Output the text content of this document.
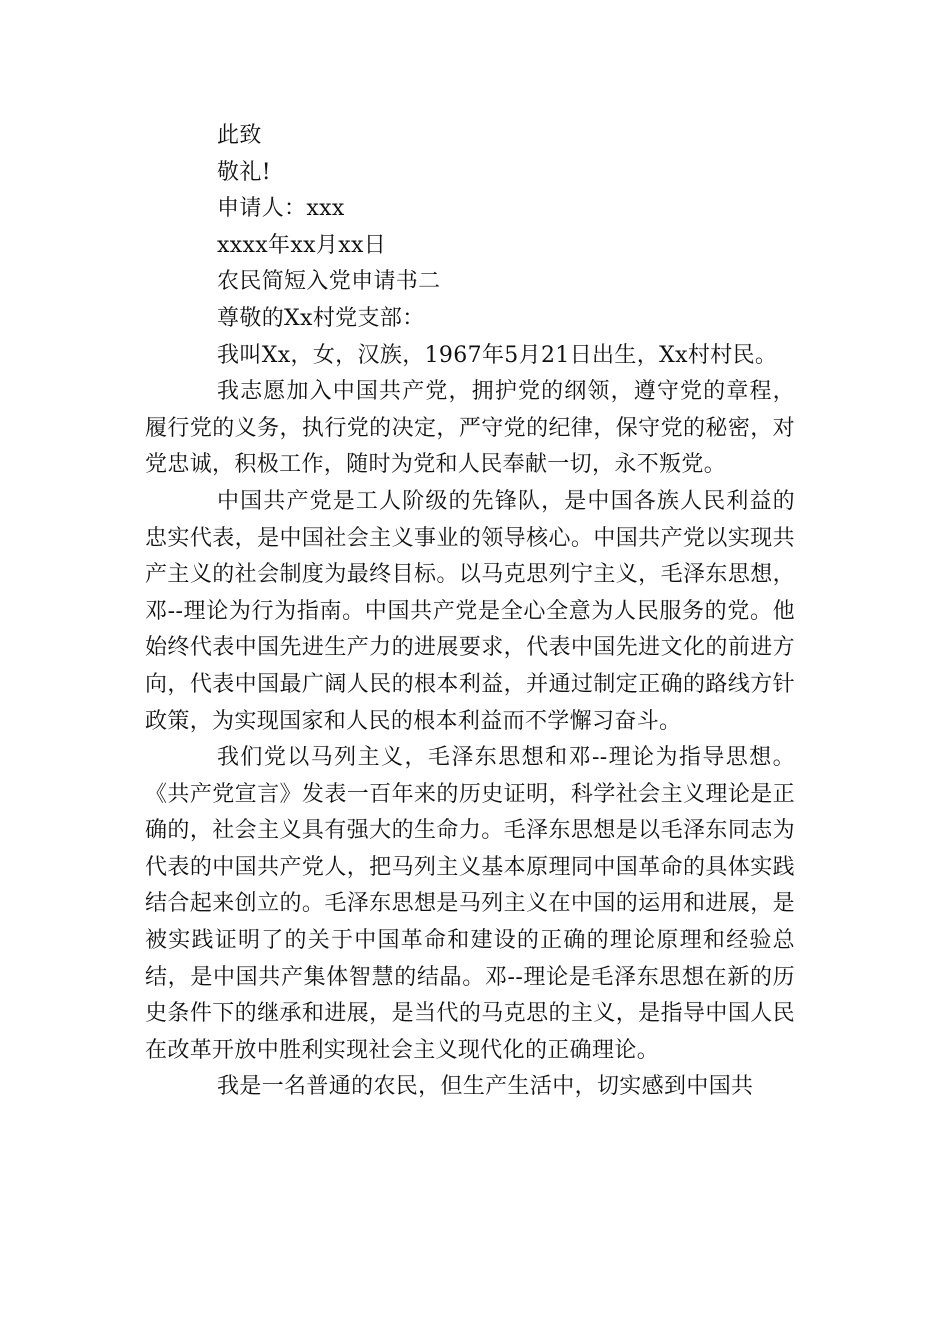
此致

敬礼!

申请人：xxx

xxxx年xx月xx日

农民简短入党申请书二

尊敬的Xx村党支部：

我叫Xx，女，汉族，1967年5月21日出生，Xx村村民。

我志愿加入中国共产党，拥护党的纲领，遵守党的章程，履行党的义务，执行党的决定，严守党的纪律，保守党的秘密，对党忠诚，积极工作，随时为党和人民奉献一切，永不叛党。

中国共产党是工人阶级的先锋队，是中国各族人民利益的忠实代表，是中国社会主义事业的领导核心。中国共产党以实现共产主义的社会制度为最终目标。以马克思列宁主义，毛泽东思想，邓--理论为行为指南。中国共产党是全心全意为人民服务的党。他始终代表中国先进生产力的进展要求，代表中国先进文化的前进方向，代表中国最广阔人民的根本利益，并通过制定正确的路线方针政策，为实现国家和人民的根本利益而不学懈习奋斗。

我们党以马列主义，毛泽东思想和邓--理论为指导思想。《共产党宣言》发表一百年来的历史证明，科学社会主义理论是正确的，社会主义具有强大的生命力。毛泽东思想是以毛泽东同志为代表的中国共产党人，把马列主义基本原理同中国革命的具体实践结合起来创立的。毛泽东思想是马列主义在中国的运用和进展，是被实践证明了的关于中国革命和建设的正确的理论原理和经验总结，是中国共产集体智慧的结晶。邓--理论是毛泽东思想在新的历史条件下的继承和进展，是当代的马克思的主义，是指导中国人民在改革开放中胜利实现社会主义现代化的正确理论。

我是一名普通的农民，但生产生活中，切实感到中国共
